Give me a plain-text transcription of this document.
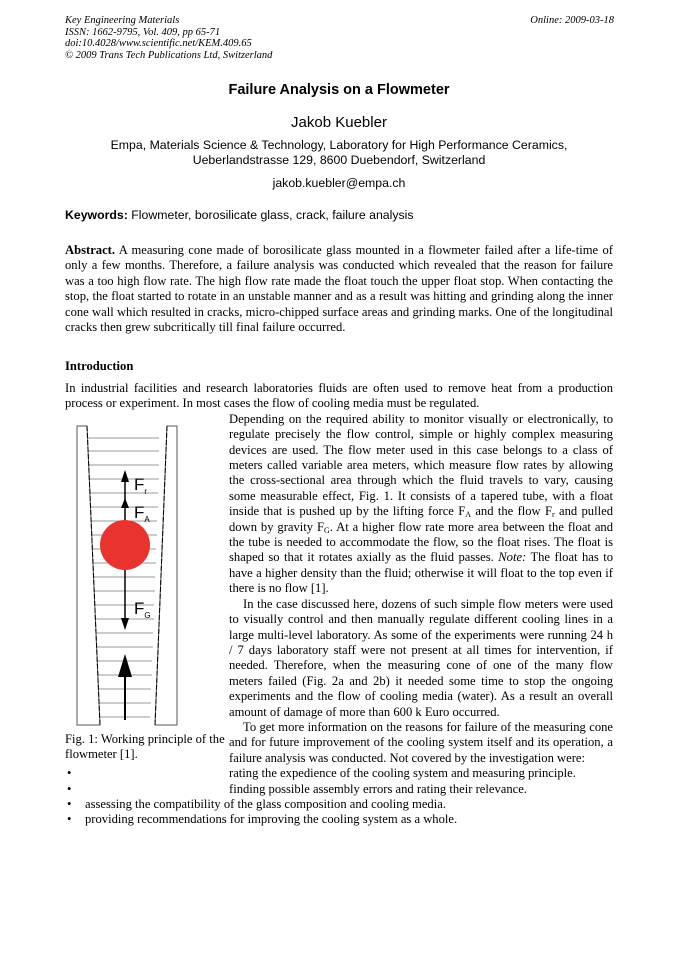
Key Engineering Materials
ISSN: 1662-9795, Vol. 409, pp 65-71
doi:10.4028/www.scientific.net/KEM.409.65
© 2009 Trans Tech Publications Ltd, Switzerland
Online: 2009-03-18
Failure Analysis on a Flowmeter
Jakob Kuebler
Empa, Materials Science & Technology, Laboratory for High Performance Ceramics,
Ueberlandstrasse 129, 8600 Duebendorf, Switzerland
jakob.kuebler@empa.ch
Keywords: Flowmeter, borosilicate glass, crack, failure analysis
Abstract. A measuring cone made of borosilicate glass mounted in a flowmeter failed after a life-time of only a few months. Therefore, a failure analysis was conducted which revealed that the reason for failure was a too high flow rate. The high flow rate made the float touch the upper float stop. When contacting the stop, the float started to rotate in an unstable manner and as a result was hitting and grinding along the inner cone wall which resulted in cracks, micro-chipped surface areas and grinding marks. One of the longitudinal cracks then grew subcritically till final failure occurred.
Introduction

In industrial facilities and research laboratories fluids are often used to remove heat from a production process or experiment. In most cases the flow of cooling media must be regulated.

$F_r$
$F_A$
$F_G$
Fig. 1: Working principle of the flowmeter [1].

Depending on the required ability to monitor visually or electronically, to regulate precisely the flow control, simple or highly complex measuring devices are used. The flow meter used in this case belongs to a class of meters called variable area meters, which measure flow rates by allowing the cross-sectional area through which the fluid travels to vary, causing some measurable effect, Fig. 1. It consists of a tapered tube, with a float inside that is pushed up by the lifting force $F_A$ and the flow $F_r$ and pulled down by gravity $F_G$. At a higher flow rate more area between the float and the tube is needed to accommodate the flow, so the float rises. The float is shaped so that it rotates axially as the fluid passes. Note: The float has to have a higher density than the fluid; otherwise it will float to the top even if there is no flow [1].

In the case discussed here, dozens of such simple flow meters were used to visually control and then manually regulate different cooling lines in a large multi-level laboratory. As some of the experiments were running 24 h / 7 days laboratory staff were not present at all times for intervention, if needed. Therefore, when the measuring cone of one of the many flow meters failed (Fig. 2a and 2b) it needed some time to stop the ongoing experiments and the flow of cooling media (water). As a result an overall amount of damage of more than 600 k Euro occurred.

To get more information on the reasons for failure of the measuring cone and for future improvement of the cooling system itself and its operation, a failure analysis was conducted. Not covered by the investigation were:

•	rating the expedience of the cooling system and measuring principle.
•	finding possible assembly errors and rating their relevance.
• assessing the compatibility of the glass composition and cooling media.
• providing recommendations for improving the cooling system as a whole.
